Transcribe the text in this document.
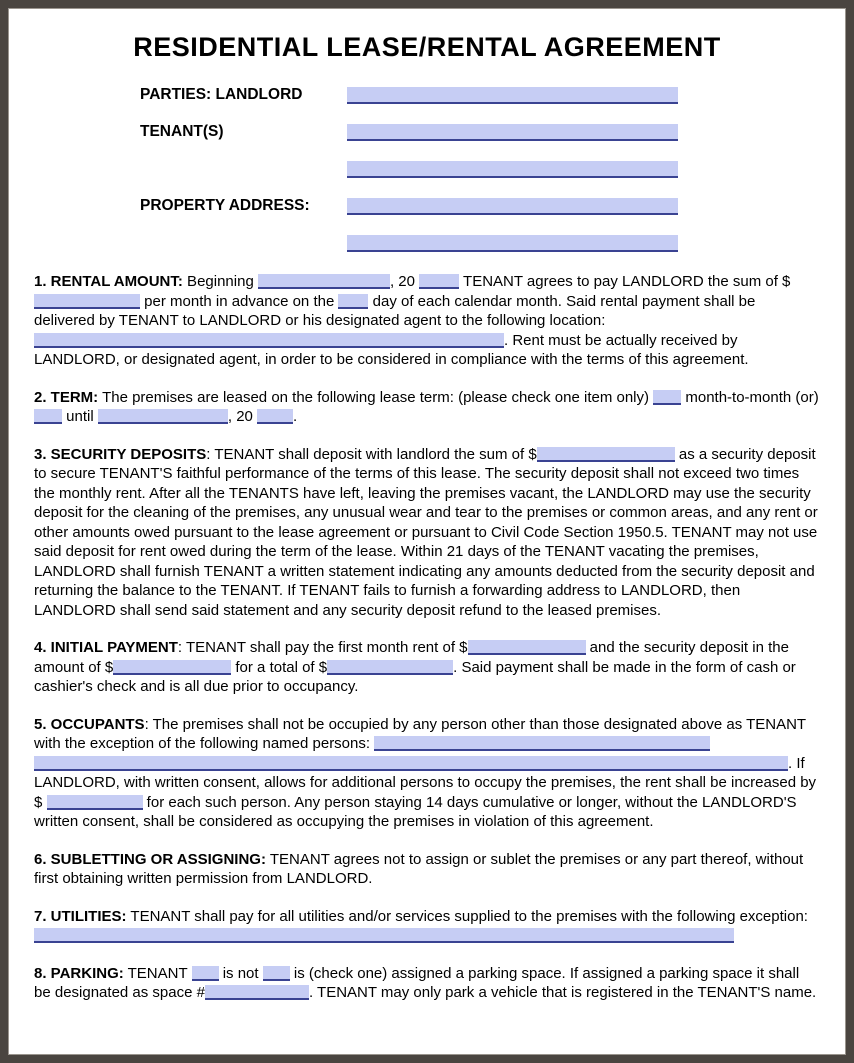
RESIDENTIAL LEASE/RENTAL AGREEMENT
PARTIES: LANDLORD
TENANT(S)
PROPERTY ADDRESS:

1. RENTAL AMOUNT: Beginning	, 20	TENANT agrees to pay LANDLORD the sum of $ per month in advance on the  day of each calendar month. Said rental payment shall be delivered by TENANT to LANDLORD or his designated agent to the following location: . Rent must be actually received by LANDLORD, or designated agent, in order to be considered in compliance with the terms of this agreement.

2. TERM: The premises are leased on the following lease term: (please check one item only)  month-to-month (or)  until	, 20 .

3. SECURITY DEPOSITS: TENANT shall deposit with landlord the sum of $	as a security deposit to secure TENANT'S faithful performance of the terms of this lease. The security deposit shall not exceed two times the monthly rent. After all the TENANTS have left, leaving the premises vacant, the LANDLORD may use the security deposit for the cleaning of the premises, any unusual wear and tear to the premises or common areas, and any rent or other amounts owed pursuant to the lease agreement or pursuant to Civil Code Section 1950.5. TENANT may not use said deposit for rent owed during the term of the lease. Within 21 days of the TENANT vacating the premises, LANDLORD shall furnish TENANT a written statement indicating any amounts deducted from the security deposit and returning the balance to the TENANT. If TENANT fails to furnish a forwarding address to LANDLORD, then LANDLORD shall send said statement and any security deposit refund to the leased premises.

4. INITIAL PAYMENT: TENANT shall pay the first month rent of $	and the security deposit in the amount of $	for a total of $	. Said payment shall be made in the form of cash or cashier's check and is all due prior to occupancy.

5. OCCUPANTS: The premises shall not be occupied by any person other than those designated above as TENANT with the exception of the following named persons:  . If LANDLORD, with written consent, allows for additional persons to occupy the premises, the rent shall be increased by $	for each such person. Any person staying 14 days cumulative or longer, without the LANDLORD'S written consent, shall be considered as occupying the premises in violation of this agreement.

6. SUBLETTING OR ASSIGNING: TENANT agrees not to assign or sublet the premises or any part thereof, without first obtaining written permission from LANDLORD.

7. UTILITIES: TENANT shall pay for all utilities and/or services supplied to the premises with the following exception:

8. PARKING: TENANT  is not  is (check one) assigned a parking space. If assigned a parking space it shall be designated as space #	. TENANT may only park a vehicle that is registered in the TENANT'S name.
